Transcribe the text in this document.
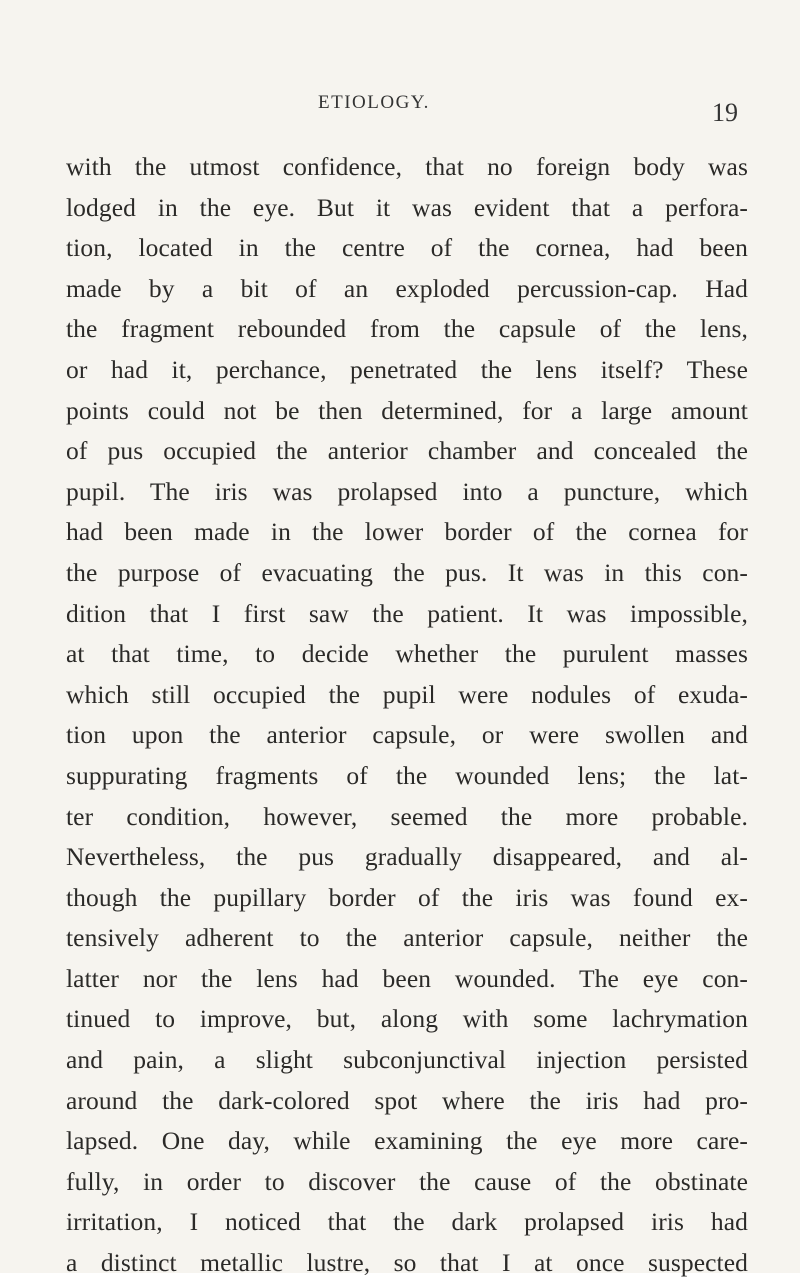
ETIOLOGY.	19
with the utmost confidence, that no foreign body was
lodged in the eye. But it was evident that a perfora-
tion, located in the centre of the cornea, had been
made by a bit of an exploded percussion-cap. Had
the fragment rebounded from the capsule of the lens,
or had it, perchance, penetrated the lens itself? These
points could not be then determined, for a large amount
of pus occupied the anterior chamber and concealed the
pupil. The iris was prolapsed into a puncture, which
had been made in the lower border of the cornea for
the purpose of evacuating the pus. It was in this con-
dition that I first saw the patient. It was impossible,
at that time, to decide whether the purulent masses
which still occupied the pupil were nodules of exuda-
tion upon the anterior capsule, or were swollen and
suppurating fragments of the wounded lens; the lat-
ter condition, however, seemed the more probable.
Nevertheless, the pus gradually disappeared, and al-
though the pupillary border of the iris was found ex-
tensively adherent to the anterior capsule, neither the
latter nor the lens had been wounded. The eye con-
tinued to improve, but, along with some lachrymation
and pain, a slight subconjunctival injection persisted
around the dark-colored spot where the iris had pro-
lapsed. One day, while examining the eye more care-
fully, in order to discover the cause of the obstinate
irritation, I noticed that the dark prolapsed iris had
a distinct metallic lustre, so that I at once suspected
